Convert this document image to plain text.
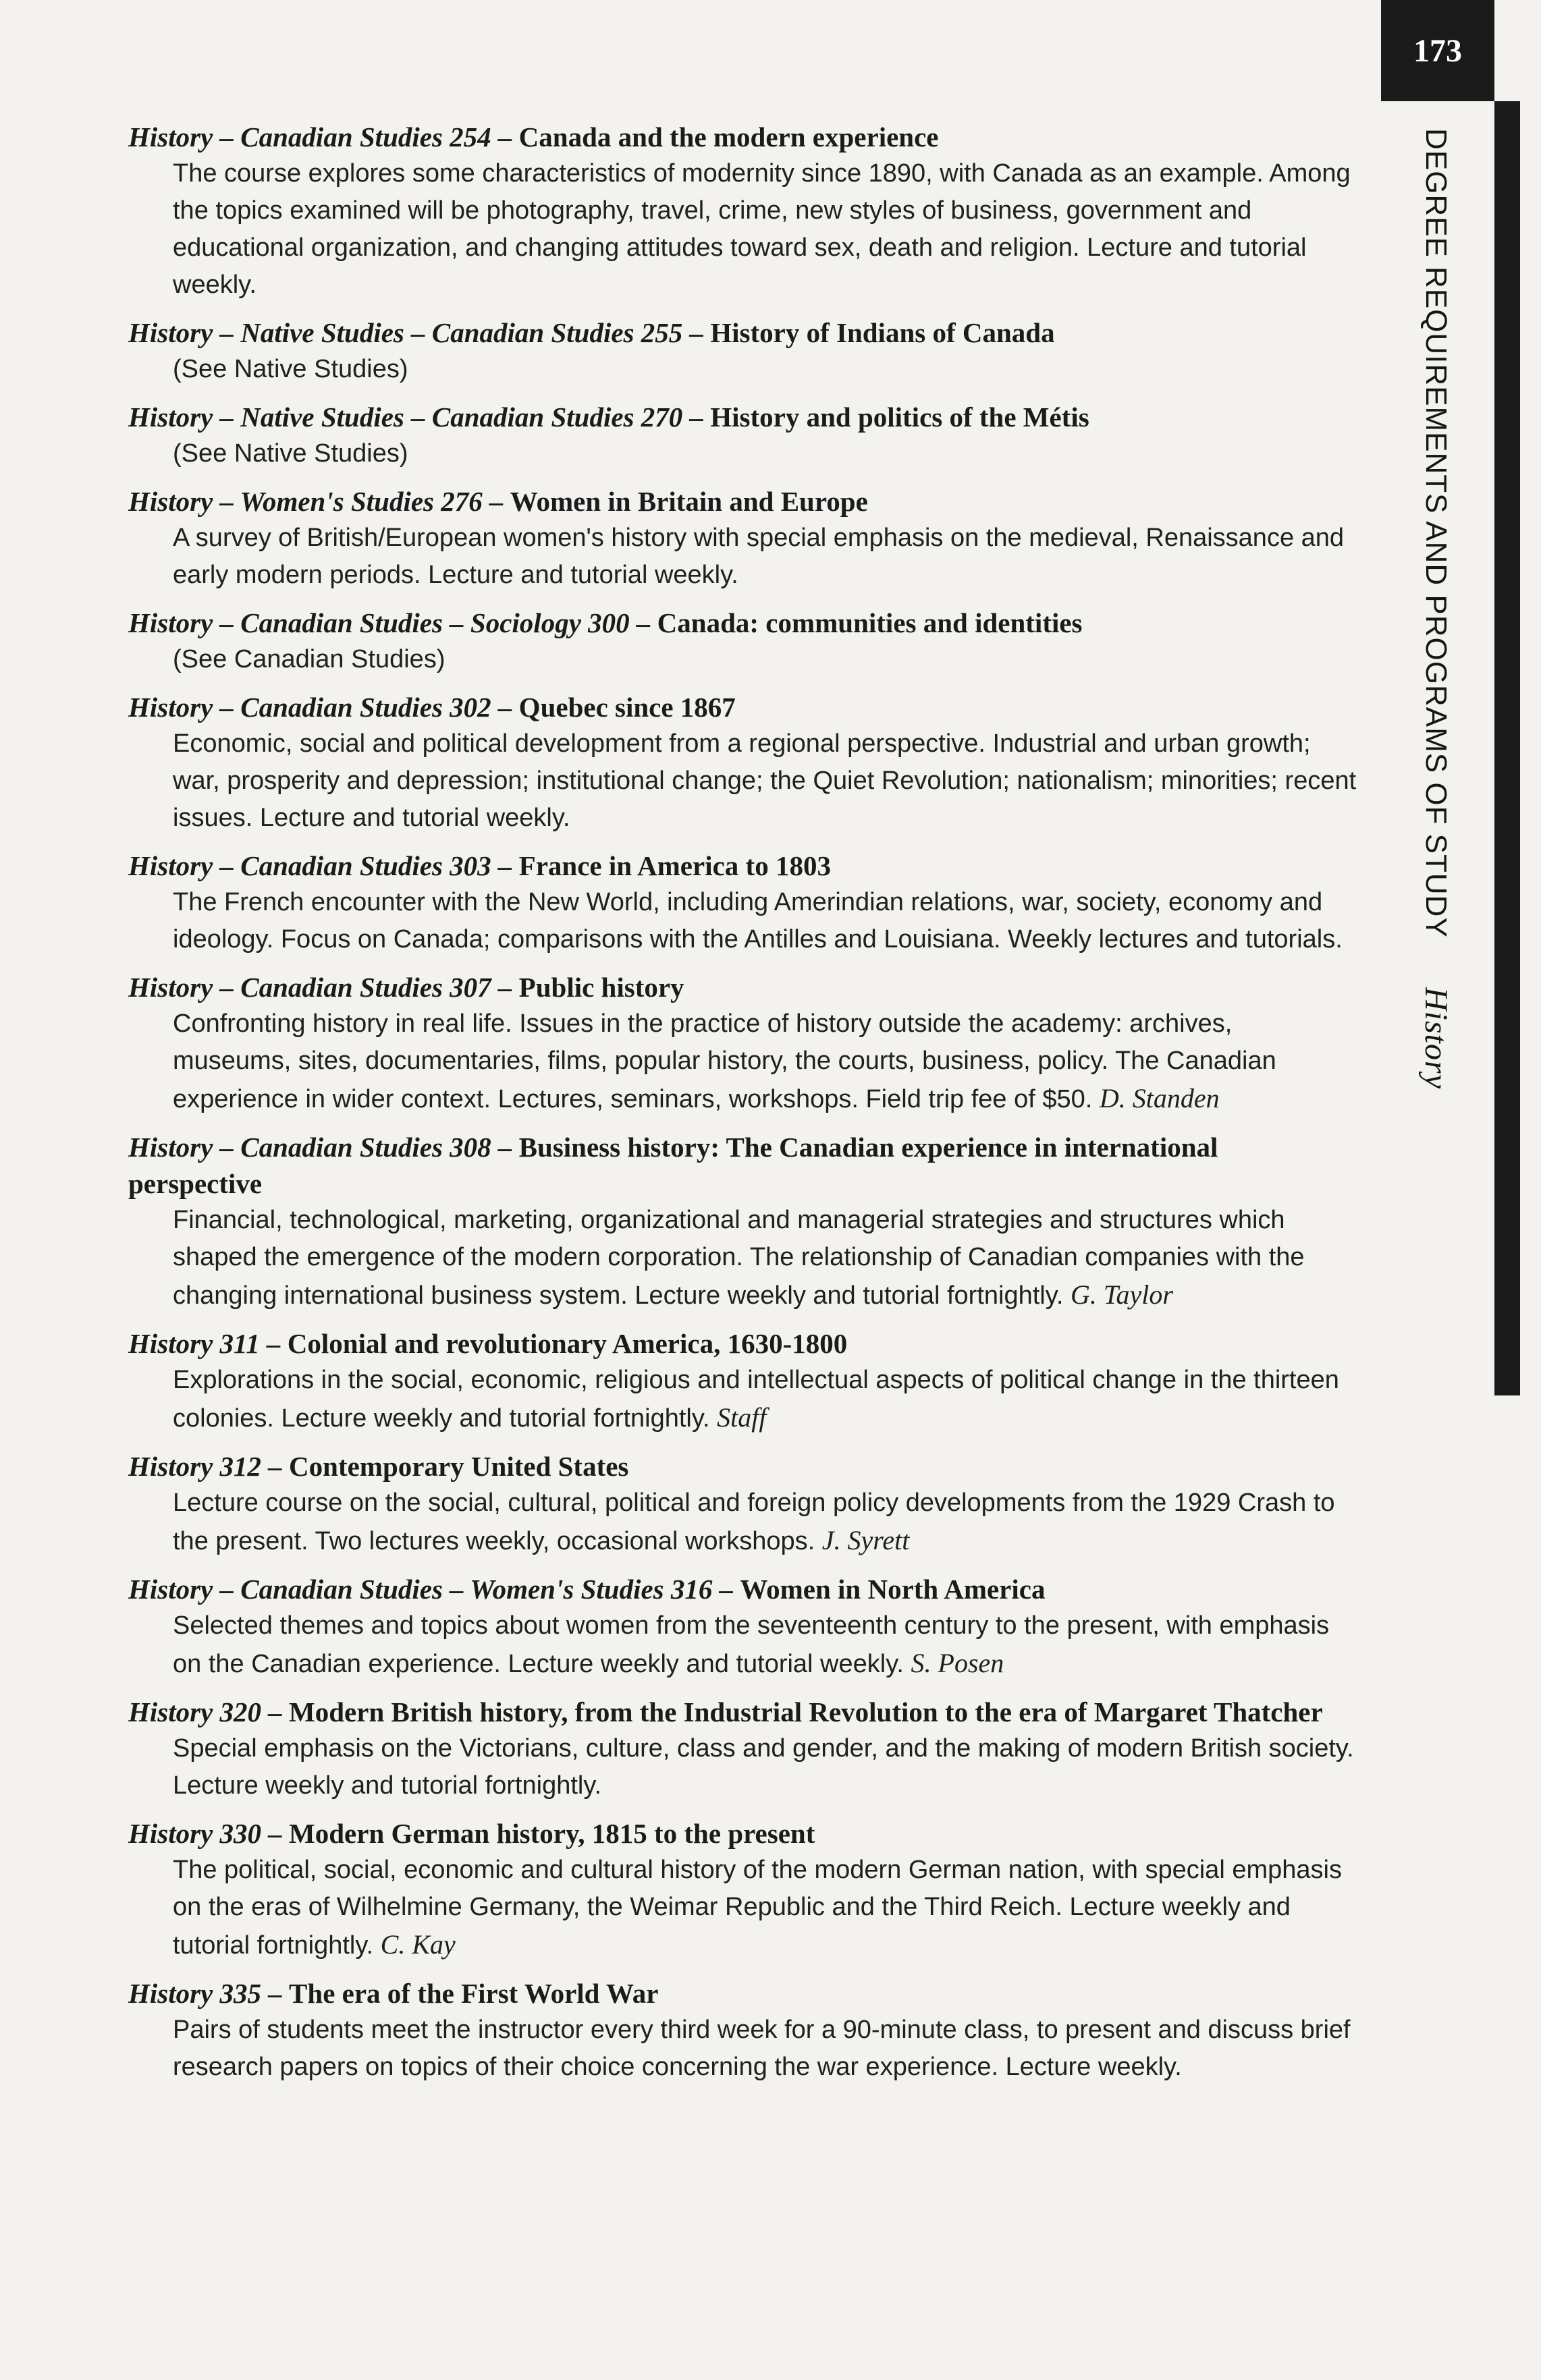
173
DEGREE REQUIREMENTS AND PROGRAMS OF STUDY History
History – Canadian Studies 254 – Canada and the modern experience
The course explores some characteristics of modernity since 1890, with Canada as an example. Among the topics examined will be photography, travel, crime, new styles of business, government and educational organization, and changing attitudes toward sex, death and religion. Lecture and tutorial weekly.
History – Native Studies – Canadian Studies 255 – History of Indians of Canada
(See Native Studies)
History – Native Studies – Canadian Studies 270 – History and politics of the Métis
(See Native Studies)
History – Women's Studies 276 – Women in Britain and Europe
A survey of British/European women's history with special emphasis on the medieval, Renaissance and early modern periods. Lecture and tutorial weekly.
History – Canadian Studies – Sociology 300 – Canada: communities and identities
(See Canadian Studies)
History – Canadian Studies 302 – Quebec since 1867
Economic, social and political development from a regional perspective. Industrial and urban growth; war, prosperity and depression; institutional change; the Quiet Revolution; nationalism; minorities; recent issues. Lecture and tutorial weekly.
History – Canadian Studies 303 – France in America to 1803
The French encounter with the New World, including Amerindian relations, war, society, economy and ideology. Focus on Canada; comparisons with the Antilles and Louisiana. Weekly lectures and tutorials.
History – Canadian Studies 307 – Public history
Confronting history in real life. Issues in the practice of history outside the academy: archives, museums, sites, documentaries, films, popular history, the courts, business, policy. The Canadian experience in wider context. Lectures, seminars, workshops. Field trip fee of $50. D. Standen
History – Canadian Studies 308 – Business history: The Canadian experience in international perspective
Financial, technological, marketing, organizational and managerial strategies and structures which shaped the emergence of the modern corporation. The relationship of Canadian companies with the changing international business system. Lecture weekly and tutorial fortnightly. G. Taylor
History 311 – Colonial and revolutionary America, 1630-1800
Explorations in the social, economic, religious and intellectual aspects of political change in the thirteen colonies. Lecture weekly and tutorial fortnightly. Staff
History 312 – Contemporary United States
Lecture course on the social, cultural, political and foreign policy developments from the 1929 Crash to the present. Two lectures weekly, occasional workshops. J. Syrett
History – Canadian Studies – Women's Studies 316 – Women in North America
Selected themes and topics about women from the seventeenth century to the present, with emphasis on the Canadian experience. Lecture weekly and tutorial weekly. S. Posen
History 320 – Modern British history, from the Industrial Revolution to the era of Margaret Thatcher
Special emphasis on the Victorians, culture, class and gender, and the making of modern British society. Lecture weekly and tutorial fortnightly.
History 330 – Modern German history, 1815 to the present
The political, social, economic and cultural history of the modern German nation, with special emphasis on the eras of Wilhelmine Germany, the Weimar Republic and the Third Reich. Lecture weekly and tutorial fortnightly. C. Kay
History 335 – The era of the First World War
Pairs of students meet the instructor every third week for a 90-minute class, to present and discuss brief research papers on topics of their choice concerning the war experience. Lecture weekly.
